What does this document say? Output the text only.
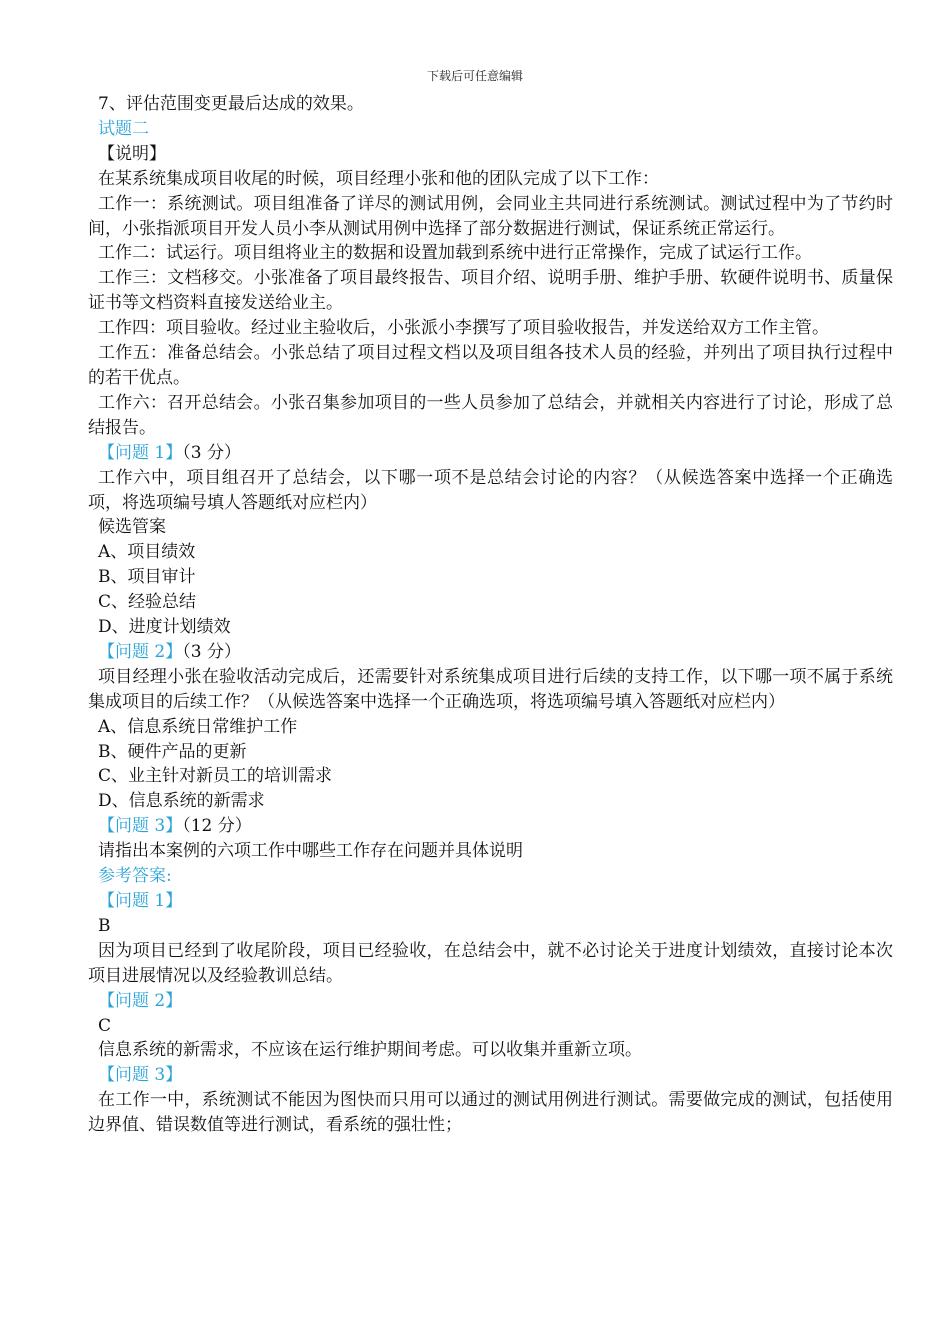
下载后可任意编辑

7、评估范围变更最后达成的效果。

试题二

【说明】

在某系统集成项目收尾的时候，项目经理小张和他的团队完成了以下工作：

工作一：系统测试。项目组准备了详尽的测试用例，会同业主共同进行系统测试。测试过程中为了节约时间，小张指派项目开发人员小李从测试用例中选择了部分数据进行测试，保证系统正常运行。

工作二：试运行。项目组将业主的数据和设置加载到系统中进行正常操作，完成了试运行工作。

工作三：文档移交。小张准备了项目最终报告、项目介绍、说明手册、维护手册、软硬件说明书、质量保证书等文档资料直接发送给业主。

工作四：项目验收。经过业主验收后，小张派小李撰写了项目验收报告，并发送给双方工作主管。

工作五：准备总结会。小张总结了项目过程文档以及项目组各技术人员的经验，并列出了项目执行过程中的若干优点。

工作六：召开总结会。小张召集参加项目的一些人员参加了总结会，并就相关内容进行了讨论，形成了总结报告。

【问题 1】（3 分）

工作六中，项目组召开了总结会，以下哪一项不是总结会讨论的内容？（从候选答案中选择一个正确选项，将选项编号填人答题纸对应栏内）

候选管案

A、项目绩效

B、项目审计

C、经验总结

D、进度计划绩效

【问题 2】（3 分）

项目经理小张在验收活动完成后，还需要针对系统集成项目进行后续的支持工作，以下哪一项不属于系统集成项目的后续工作？（从候选答案中选择一个正确选项，将选项编号填入答题纸对应栏内）

A、信息系统日常维护工作

B、硬件产品的更新

C、业主针对新员工的培训需求

D、信息系统的新需求

【问题 3】（12 分）

请指出本案例的六项工作中哪些工作存在问题并具体说明

参考答案:

【问题 1】

B

因为项目已经到了收尾阶段，项目已经验收，在总结会中，就不必讨论关于进度计划绩效，直接讨论本次项目进展情况以及经验教训总结。

【问题 2】

C

信息系统的新需求，不应该在运行维护期间考虑。可以收集并重新立项。

【问题 3】

在工作一中，系统测试不能因为图快而只用可以通过的测试用例进行测试。需要做完成的测试，包括使用边界值、错误数值等进行测试，看系统的强壮性；
